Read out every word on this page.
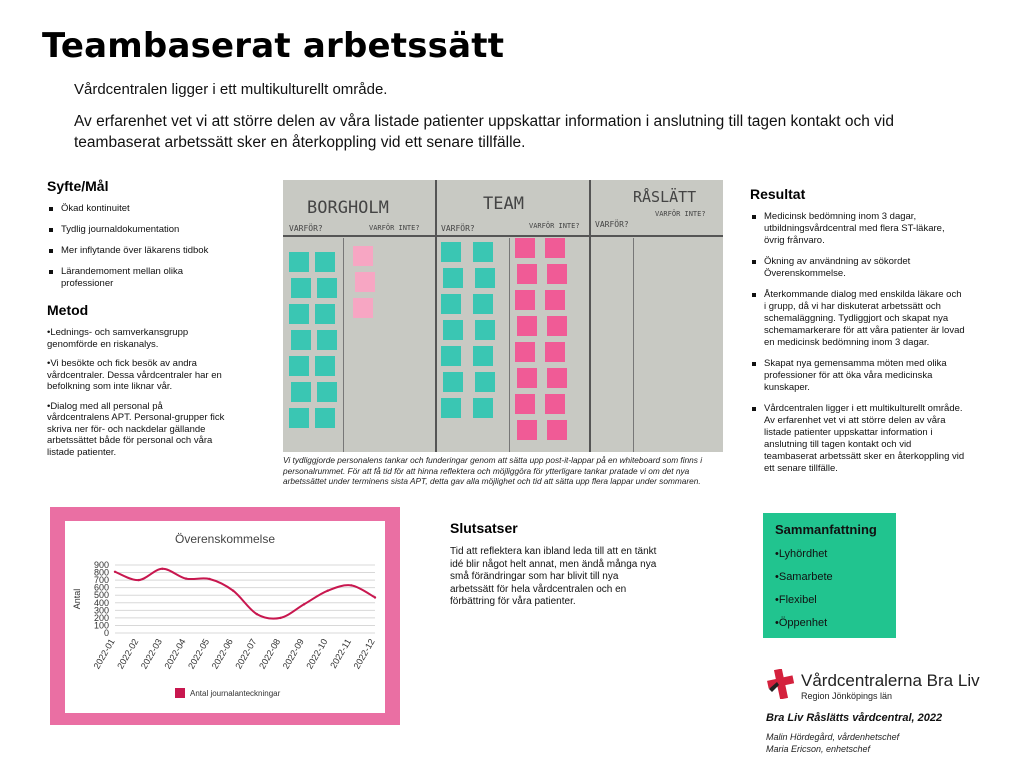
Teambaserat arbetssätt
Vårdcentralen ligger i ett multikulturellt område.
Av erfarenhet vet vi att större delen av våra listade patienter uppskattar information i anslutning till tagen kontakt och vid teambaserat arbetssätt sker en återkoppling vid ett senare tillfälle.
Syfte/Mål
Ökad kontinuitet
Tydlig journaldokumentation
Mer inflytande över läkarens tidbok
Lärandemoment mellan olika professioner
Metod

•Lednings- och samverkansgrupp genomförde en riskanalys.

•Vi besökte och fick besök av andra vårdcentraler. Dessa vårdcentraler har en befolkning som inte liknar vår.

•Dialog med all personal på vårdcentralens APT. Personal-grupper fick skriva ner för- och nackdelar gällande arbetssättet både för personal och våra listade patienter.

BORGHOLM	TEAM	RÅSLÄTT
VARFÖR?	VARFÖR INTE?	VARFÖR?	VARFÖR INTE? VARFÖR?
VARFÖR INTE?
Vi tydliggjorde personalens tankar och funderingar genom att sätta upp post-it-lappar på en whiteboard som finns i personalrummet. För att få tid för att hinna reflektera och möjliggöra för ytterligare tankar pratade vi om det nya arbetssättet under terminens sista APT, detta gav alla möjlighet och tid att sätta upp flera lappar under sommaren.
Resultat
Medicinsk bedömning inom 3 dagar, utbildningsvårdcentral med flera ST-läkare, övrig frånvaro.
Ökning av användning av sökordet Överenskommelse.
Återkommande dialog med enskilda läkare och i grupp, då vi har diskuterat arbetssätt och schemaläggning. Tydliggjort och skapat nya schemamarkerare för att våra patienter är lovad en medicinsk bedömning inom 3 dagar.
Skapat nya gemensamma möten med olika professioner för att öka våra medicinska kunskaper.
Vårdcentralen ligger i ett multikulturellt område. Av erfarenhet vet vi att större delen av våra listade patienter uppskattar information i anslutning till tagen kontakt och vid teambaserat arbetssätt sker en återkoppling vid ett senare tillfälle.
Överenskommelse
0
100
200
300
400
500
600
700
800
900
Antal
2022-01
2022-02
2022-03
2022-04
2022-05
2022-06
2022-07
2022-08
2022-09
2022-10
2022-11
2022-12
Antal journalanteckningar
Slutsatser

Tid att reflektera kan ibland leda till att en tänkt idé blir något helt annat, men ändå många nya små förändringar som har blivit till nya arbetssätt för hela vårdcentralen och en förbättring för våra patienter.

Sammanfattning
•Lyhördhet
•Samarbete
•Flexibel
•Öppenhet
Vårdcentralerna Bra Liv
Region Jönköpings län
Bra Liv Råslätts vårdcentral, 2022
Malin Hördegård, vårdenhetschef
Maria Ericson, enhetschef
